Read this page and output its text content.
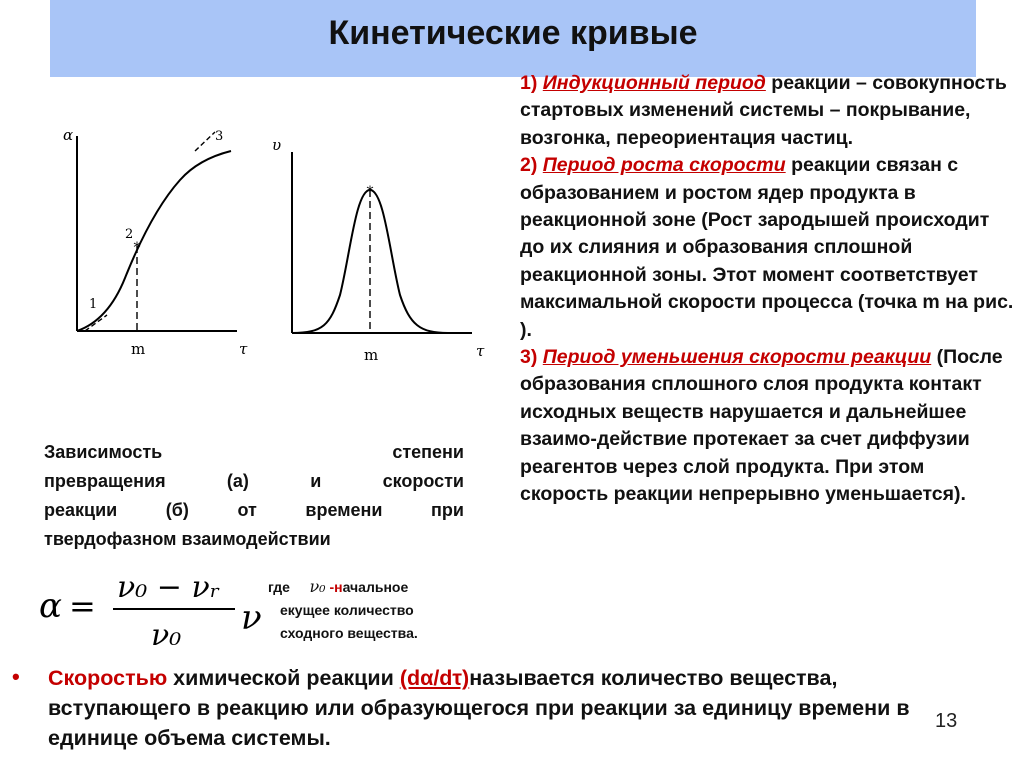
Кинетические кривые
*
α
τ
1
2
3
m
*
υ
τ
m

1) Индукционный период реакции – совокупность стартовых изменений системы – покрывание, возгонка, переориентация частиц.

2) Период роста скорости реакции связан с образованием и ростом ядер продукта в реакционной зоне (Рост зародышей происходит до их слияния и образования сплошной реакционной зоны. Этот момент соответствует максимальной скорости процесса (точка m на рис. ).

3) Период уменьшения скорости реакции (После образования сплошного слоя продукта контакт исходных веществ нарушается и дальнейшее взаимо-действие протекает за счет диффузии реагентов через слой продукта. При этом скорость реакции непрерывно уменьшается).

Зависимость степени
превращения (а) и скорости
реакции (б) от времени при
твердофазном взаимодействии
α = ν₀ − νᵣ
ν₀ ν
где     ν₀ -начальное
екущее количество
сходного вещества.
• Скоростью химической реакции (dα/dτ)называется количество вещества, вступающего в реакцию или образующегося при реакции за единицу времени в единице объема системы.
13
